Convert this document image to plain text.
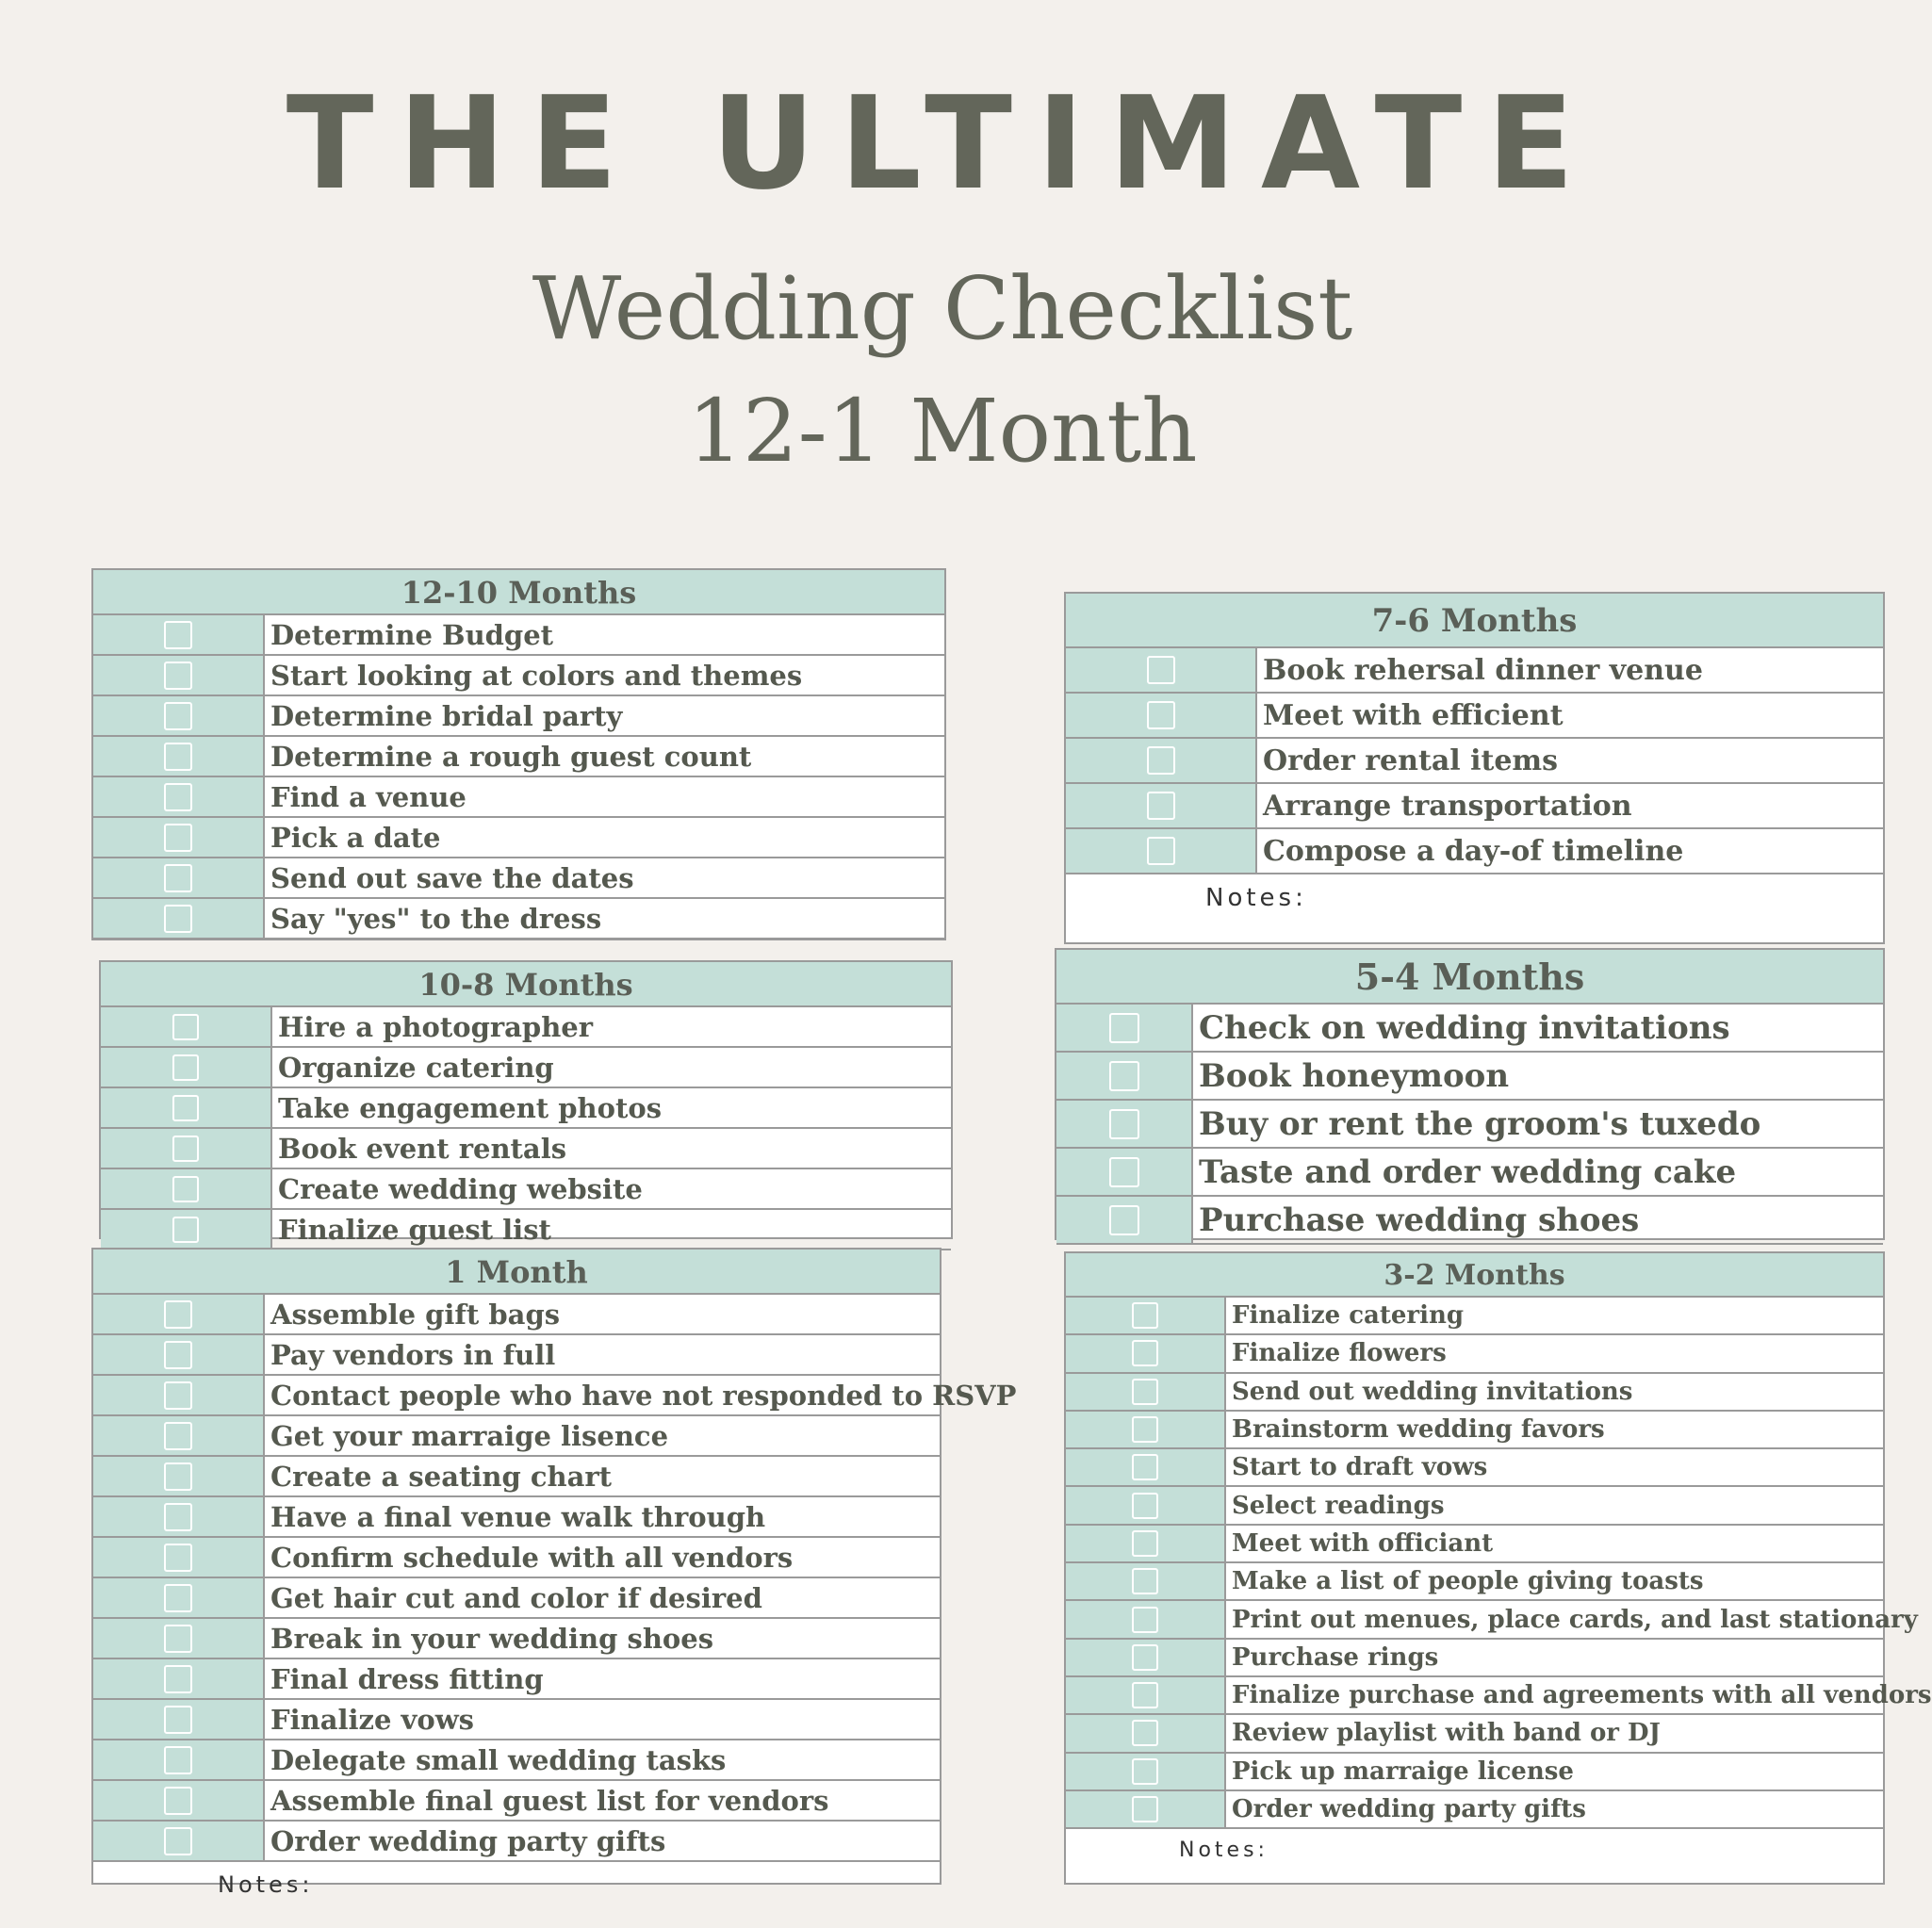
THE ULTIMATE
Wedding Checklist
12-1 Month
12-10 Months
Determine Budget
Start looking at colors and themes
Determine bridal party
Determine a rough guest count
Find a venue
Pick a date
Send out save the dates
Say "yes" to the dress
10-8 Months
Hire a photographer
Organize catering
Take engagement photos
Book event rentals
Create wedding website
Finalize guest list
1 Month
Assemble gift bags
Pay vendors in full
Contact people who have not responded to RSVP
Get your marraige lisence
Create a seating chart
Have a final venue walk through
Confirm schedule with all vendors
Get hair cut and color if desired
Break in your wedding shoes
Final dress fitting
Finalize vows
Delegate small wedding tasks
Assemble final guest list for vendors
Order wedding party gifts
Notes:
7-6 Months
Book rehersal dinner venue
Meet with efficient
Order rental items
Arrange transportation
Compose a day-of timeline
Notes:
5-4 Months
Check on wedding invitations
Book honeymoon
Buy or rent the groom's tuxedo
Taste and order wedding cake
Purchase wedding shoes
3-2 Months
Finalize catering
Finalize flowers
Send out wedding invitations
Brainstorm wedding favors
Start to draft vows
Select readings
Meet with officiant
Make a list of people giving toasts
Print out menues, place cards, and last stationary
Purchase rings
Finalize purchase and agreements with all vendors
Review playlist with band or DJ
Pick up marraige license
Order wedding party gifts
Notes:
